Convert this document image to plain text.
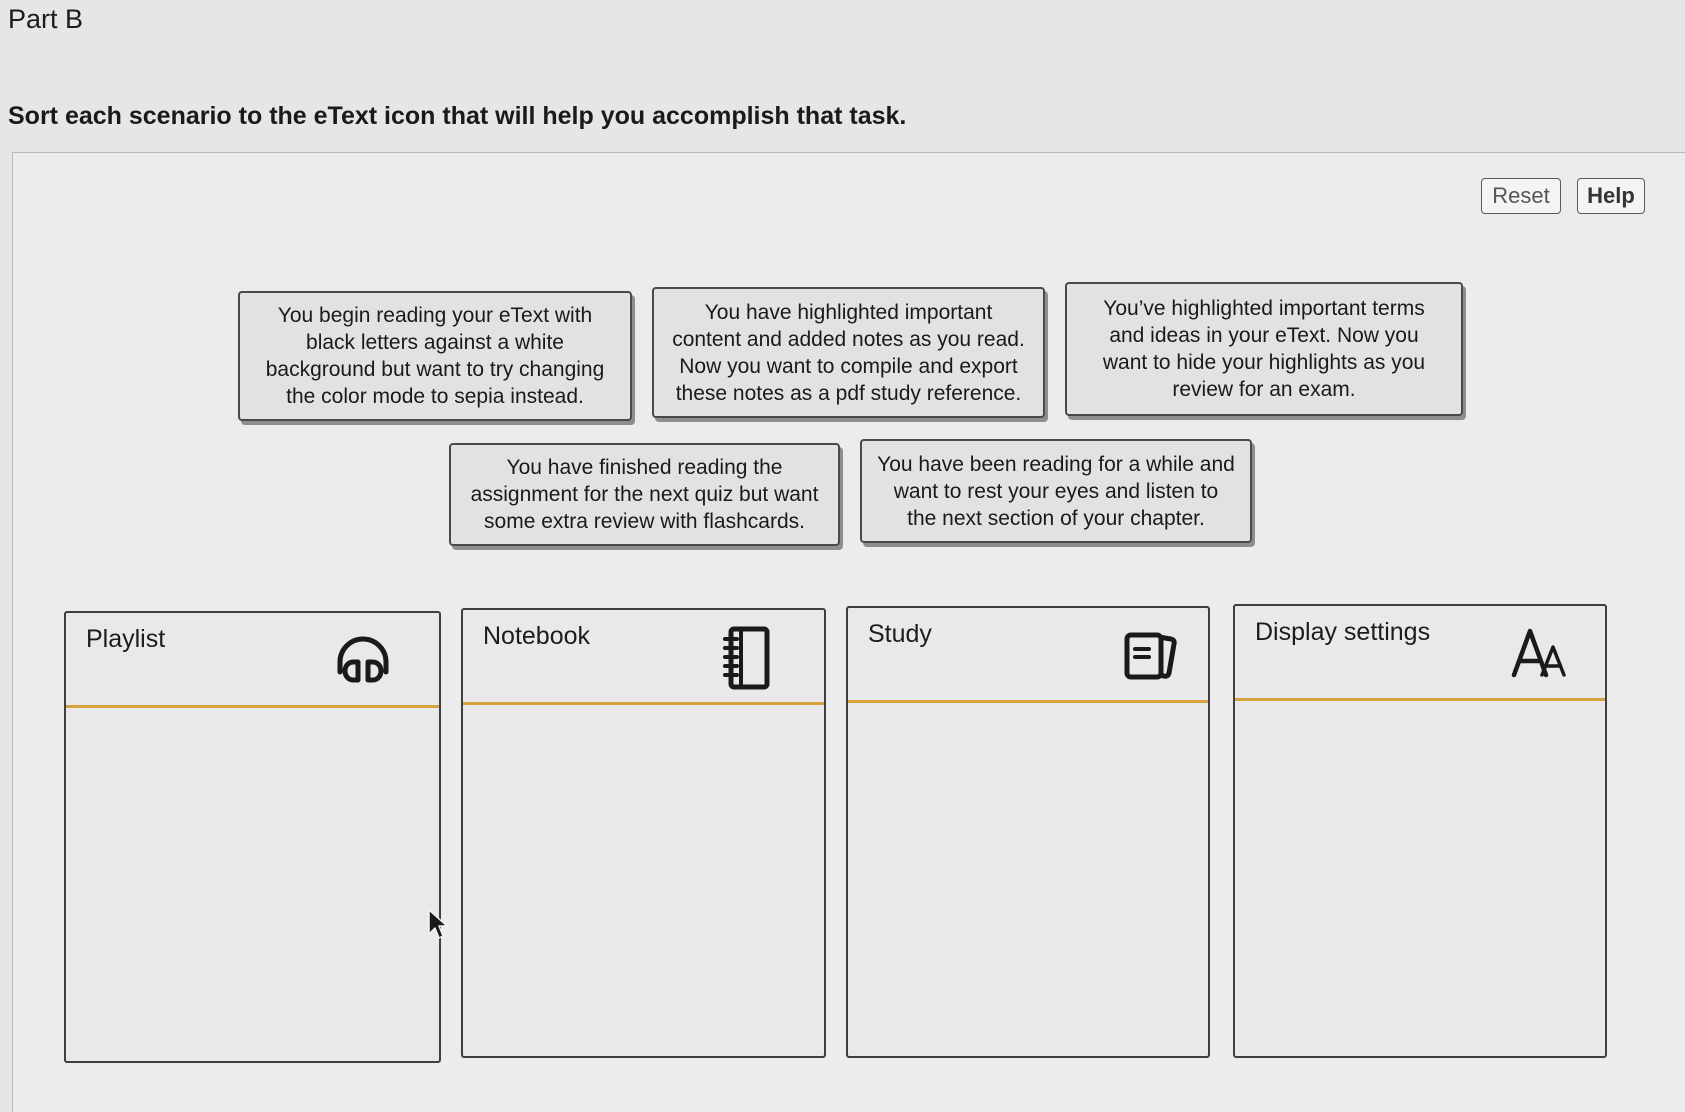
Part B
Sort each scenario to the eText icon that will help you accomplish that task.
Reset	Help
You begin reading your eText with
black letters against a white
background but want to try changing
the color mode to sepia instead.
You have highlighted important
content and added notes as you read.
Now you want to compile and export
these notes as a pdf study reference.
You’ve highlighted important terms
and ideas in your eText. Now you
want to hide your highlights as you
review for an exam.
You have finished reading the
assignment for the next quiz but want
some extra review with flashcards.
You have been reading for a while and
want to rest your eyes and listen to
the next section of your chapter.
Playlist	Notebook	Study	Display settings
